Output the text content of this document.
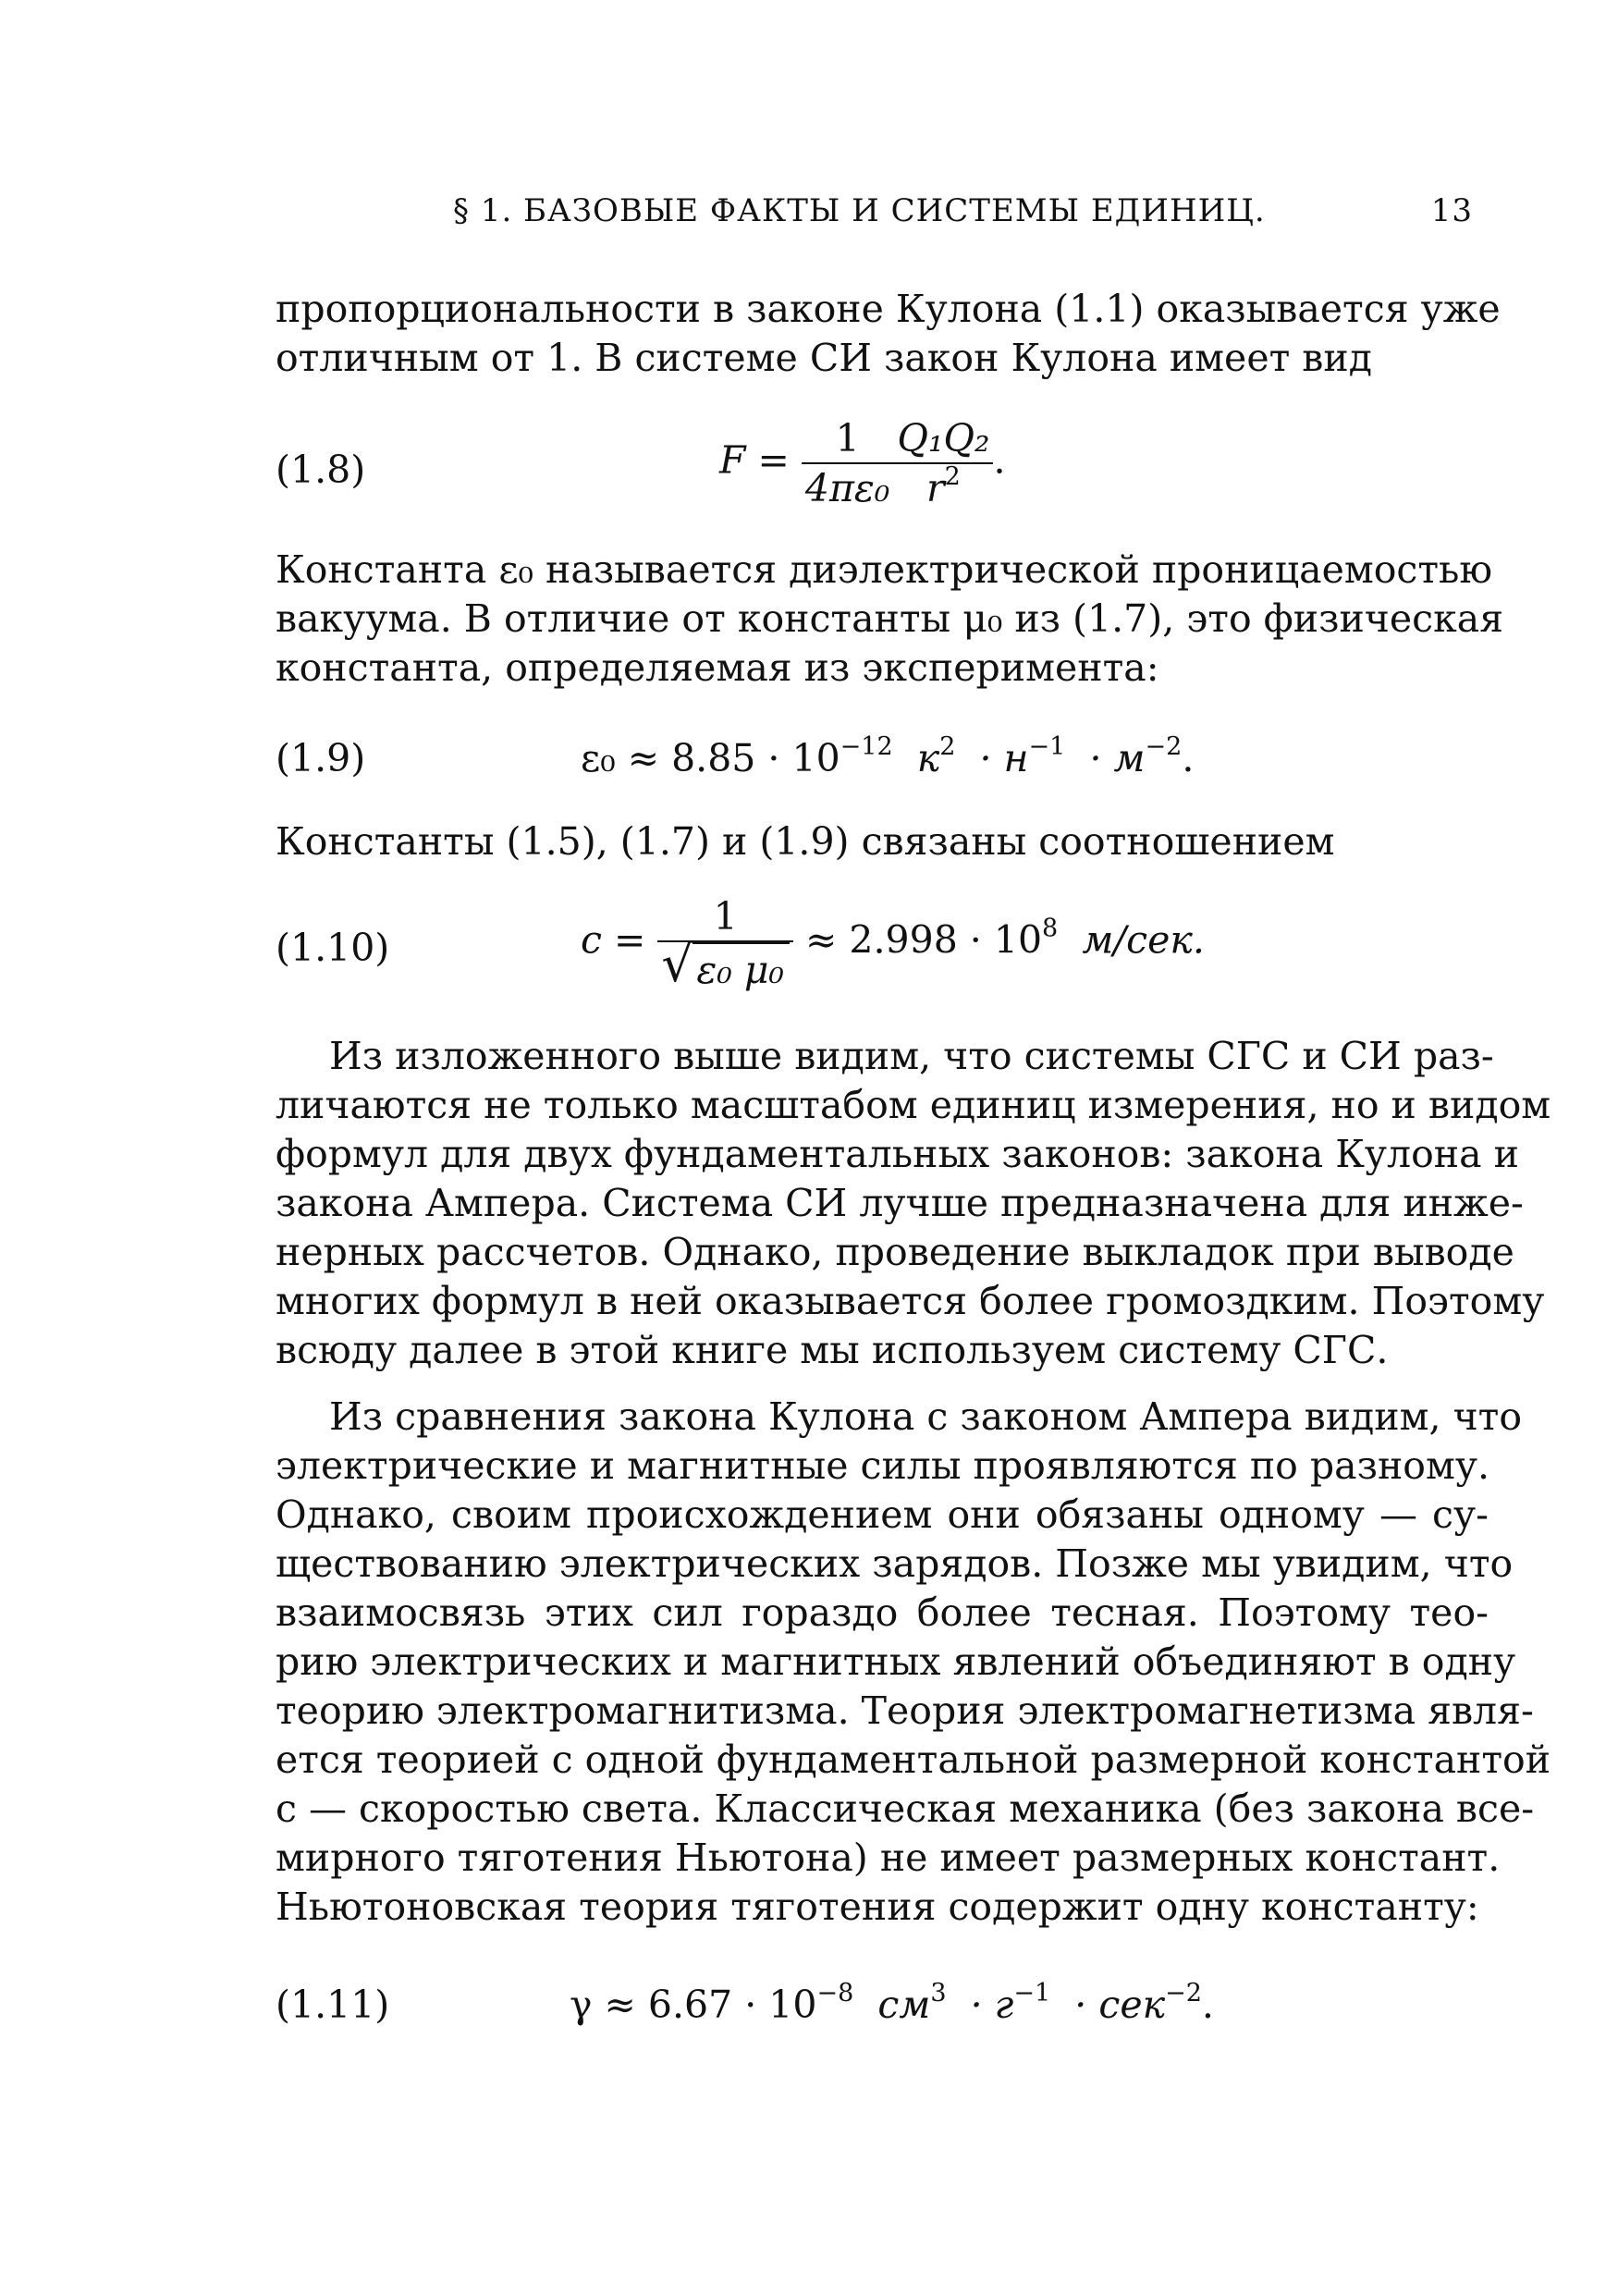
§ 1. БАЗОВЫЕ ФАКТЫ И СИСТЕМЫ ЕДИНИЦ.	13
пропорциональности в законе Кулона (1.1) оказывается уже
отличным от 1. В системе СИ закон Кулона имеет вид
(1.8)	$F = \frac{1}{\text{4πε₀}} \frac{\text{Q₁Q₂}}{r^2}$ .
Константа ε₀ называется диэлектрической проницаемостью
вакуума. В отличие от константы μ₀ из (1.7), это физическая
константа, определяемая из эксперимента:
(1.9)	$\varepsilon_0 \approx 8.85 \cdot 10^{-12}$ $к^2 \cdot н^{-1} \cdot м^{-2}$.
Константы (1.5), (1.7) и (1.9) связаны соотношением
(1.10)	$c = \frac{1}{\text{√ ε₀ μ₀}} \approx 2.998 \cdot 10^8$ м/сек.
Из изложенного выше видим, что системы СГС и СИ раз-
личаются не только масштабом единиц измерения, но и видом
формул для двух фундаментальных законов: закона Кулона и
закона Ампера. Система СИ лучше предназначена для инже-
нерных рассчетов. Однако, проведение выкладок при выводе
многих формул в ней оказывается более громоздким. Поэтому
всюду далее в этой книге мы используем систему СГС.
Из сравнения закона Кулона с законом Ампера видим, что
электрические и магнитные силы проявляются по разному.
Однако, своим происхождением они обязаны одному — су-
ществованию электрических зарядов. Позже мы увидим, что
взаимосвязь этих сил гораздо более тесная. Поэтому тео-
рию электрических и магнитных явлений объединяют в одну
теорию электромагнитизма. Теория электромагнетизма явля-
ется теорией с одной фундаментальной размерной константой
c — скоростью света. Классическая механика (без закона все-
мирного тяготения Ньютона) не имеет размерных констант.
Ньютоновская теория тяготения содержит одну константу:
(1.11)	$\gamma \approx 6.67 \cdot 10^{-8}$ $см^3 \cdot г^{-1} \cdot сек^{-2}$.
